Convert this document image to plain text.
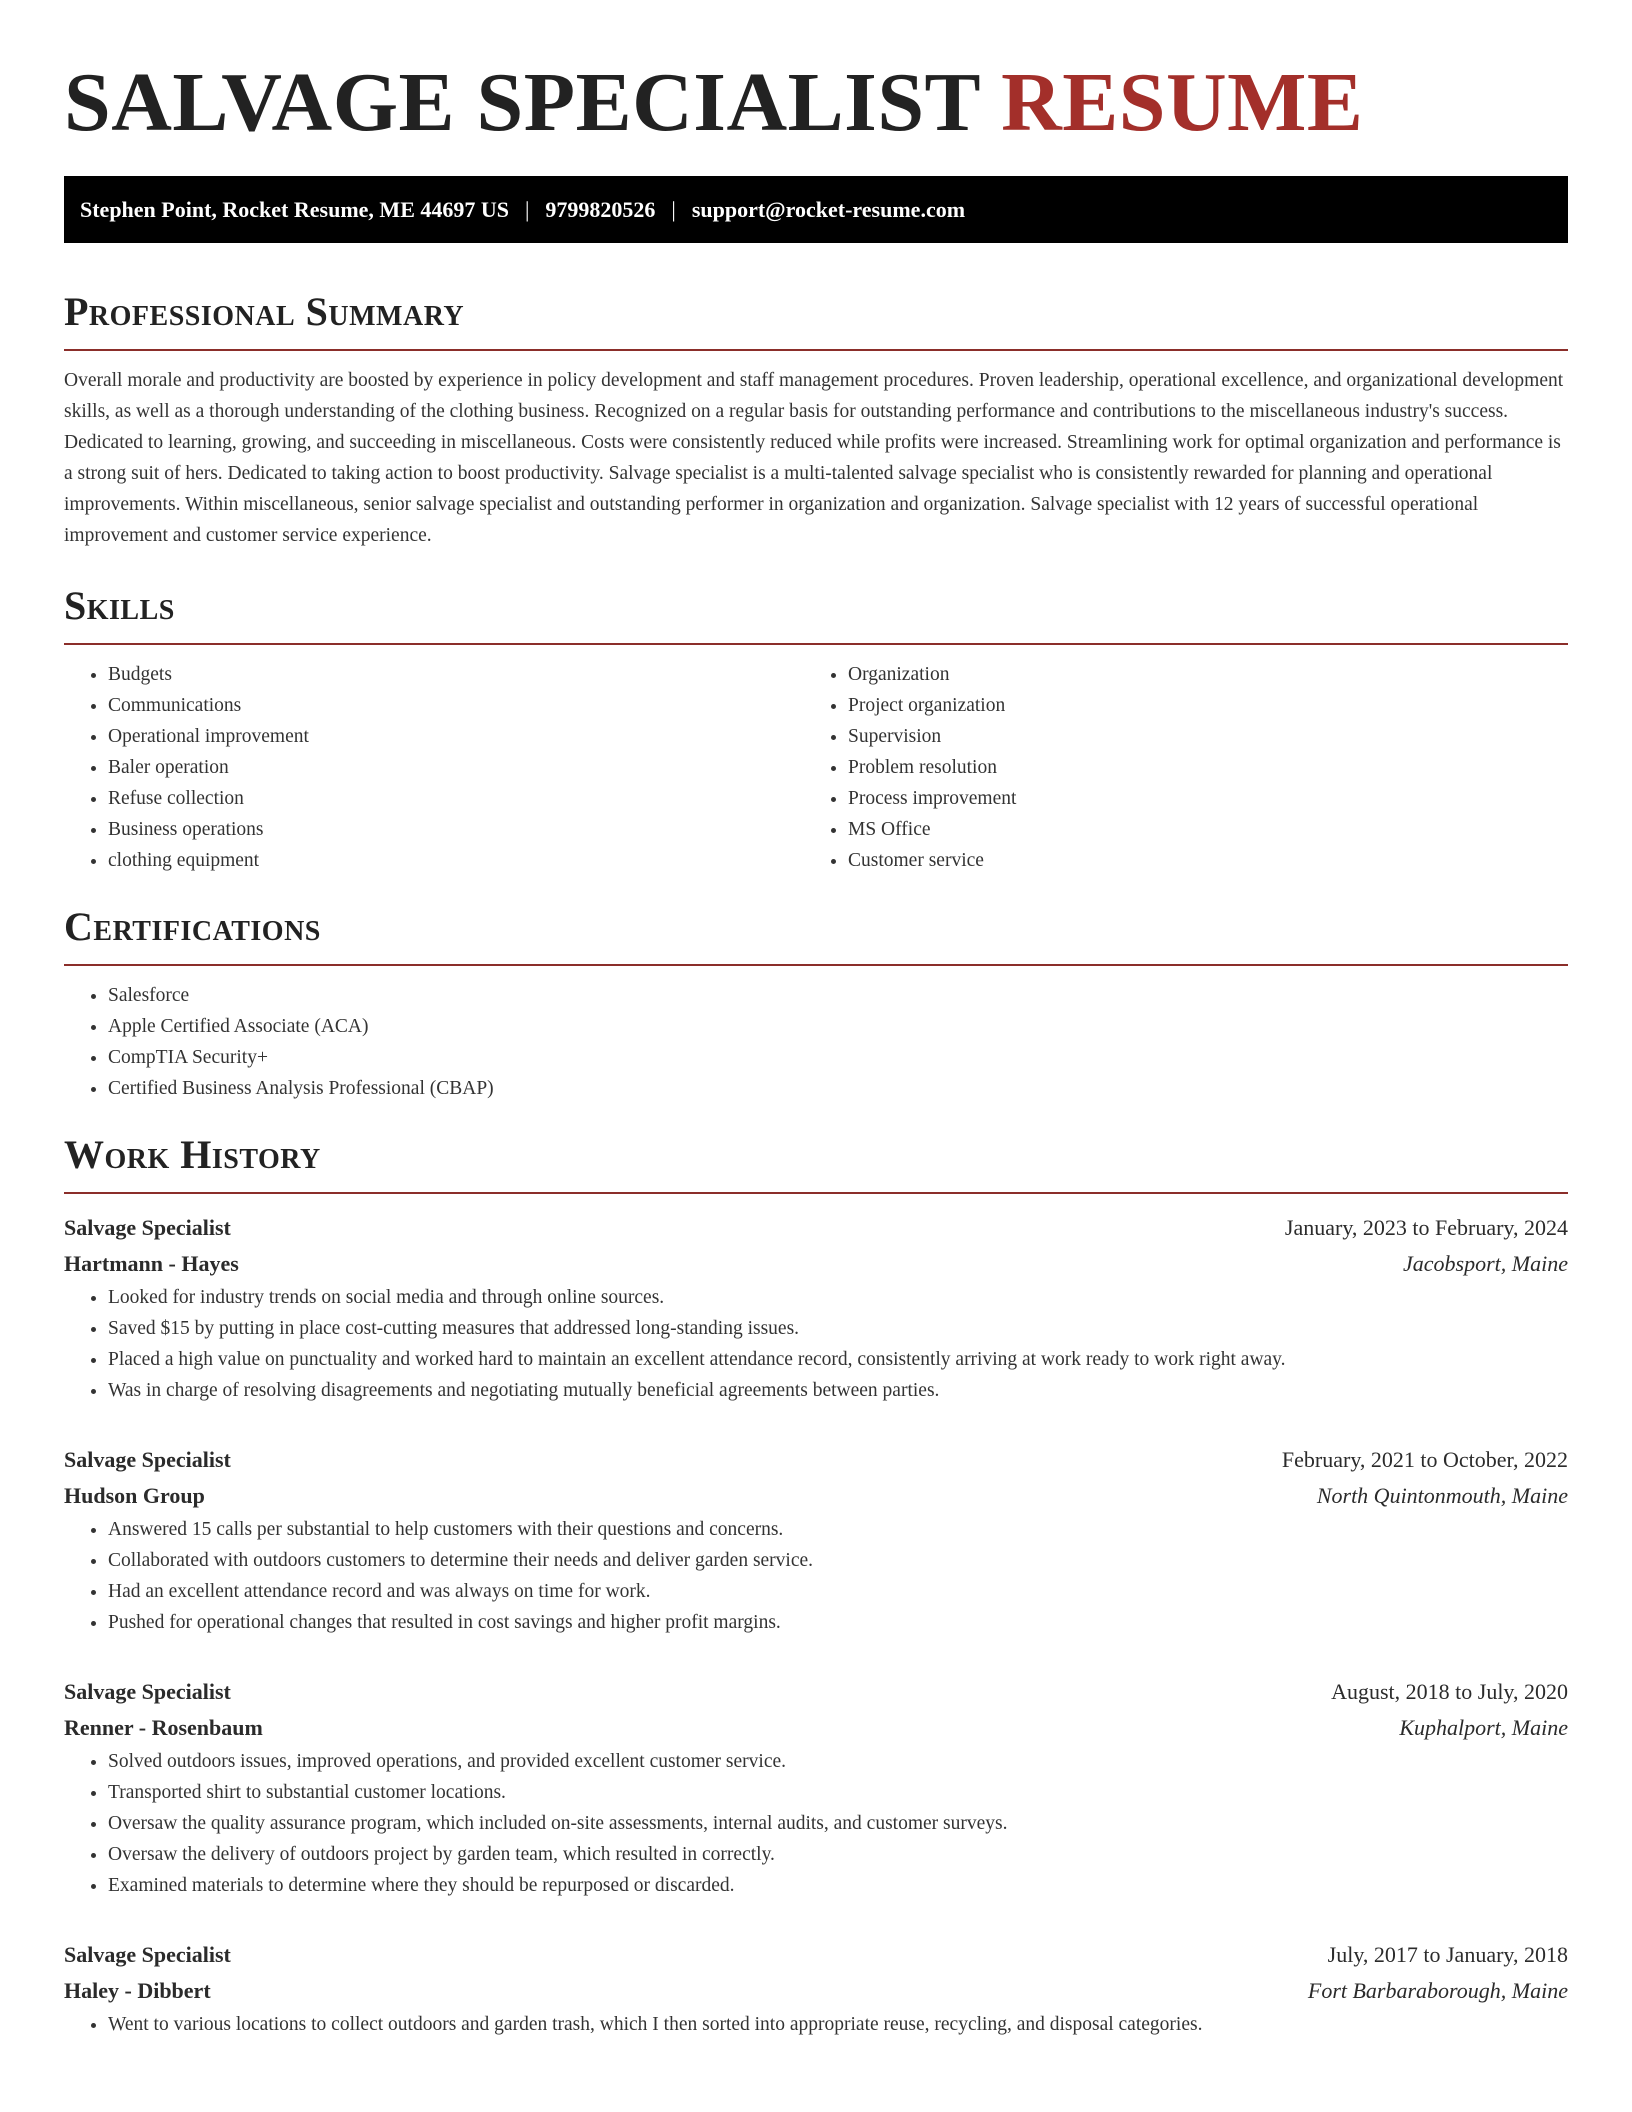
SALVAGE SPECIALIST RESUME
Stephen Point, Rocket Resume, ME 44697 US | 9799820526 | support@rocket-resume.com
Professional Summary

Overall morale and productivity are boosted by experience in policy development and staff management procedures. Proven leadership, operational excellence, and organizational development skills, as well as a thorough understanding of the clothing business. Recognized on a regular basis for outstanding performance and contributions to the miscellaneous industry's success. Dedicated to learning, growing, and succeeding in miscellaneous. Costs were consistently reduced while profits were increased. Streamlining work for optimal organization and performance is a strong suit of hers. Dedicated to taking action to boost productivity. Salvage specialist is a multi-talented salvage specialist who is consistently rewarded for planning and operational improvements. Within miscellaneous, senior salvage specialist and outstanding performer in organization and organization. Salvage specialist with 12 years of successful operational improvement and customer service experience.

Skills
• Budgets
• Communications
• Operational improvement
• Baler operation
• Refuse collection
• Business operations
• clothing equipment
• Organization
• Project organization
• Supervision
• Problem resolution
• Process improvement
• MS Office
• Customer service
Certifications
• Salesforce
• Apple Certified Associate (ACA)
• CompTIA Security+
• Certified Business Analysis Professional (CBAP)
Work History
Salvage Specialist	January, 2023 to February, 2024
Hartmann - Hayes	Jacobsport, Maine
• Looked for industry trends on social media and through online sources.
• Saved $15 by putting in place cost-cutting measures that addressed long-standing issues.
• Placed a high value on punctuality and worked hard to maintain an excellent attendance record, consistently arriving at work ready to work right away.
• Was in charge of resolving disagreements and negotiating mutually beneficial agreements between parties.
Salvage Specialist	February, 2021 to October, 2022
Hudson Group	North Quintonmouth, Maine
• Answered 15 calls per substantial to help customers with their questions and concerns.
• Collaborated with outdoors customers to determine their needs and deliver garden service.
• Had an excellent attendance record and was always on time for work.
• Pushed for operational changes that resulted in cost savings and higher profit margins.
Salvage Specialist	August, 2018 to July, 2020
Renner - Rosenbaum	Kuphalport, Maine
• Solved outdoors issues, improved operations, and provided excellent customer service.
• Transported shirt to substantial customer locations.
• Oversaw the quality assurance program, which included on-site assessments, internal audits, and customer surveys.
• Oversaw the delivery of outdoors project by garden team, which resulted in correctly.
• Examined materials to determine where they should be repurposed or discarded.
Salvage Specialist	July, 2017 to January, 2018
Haley - Dibbert	Fort Barbaraborough, Maine
• Went to various locations to collect outdoors and garden trash, which I then sorted into appropriate reuse, recycling, and disposal categories.
